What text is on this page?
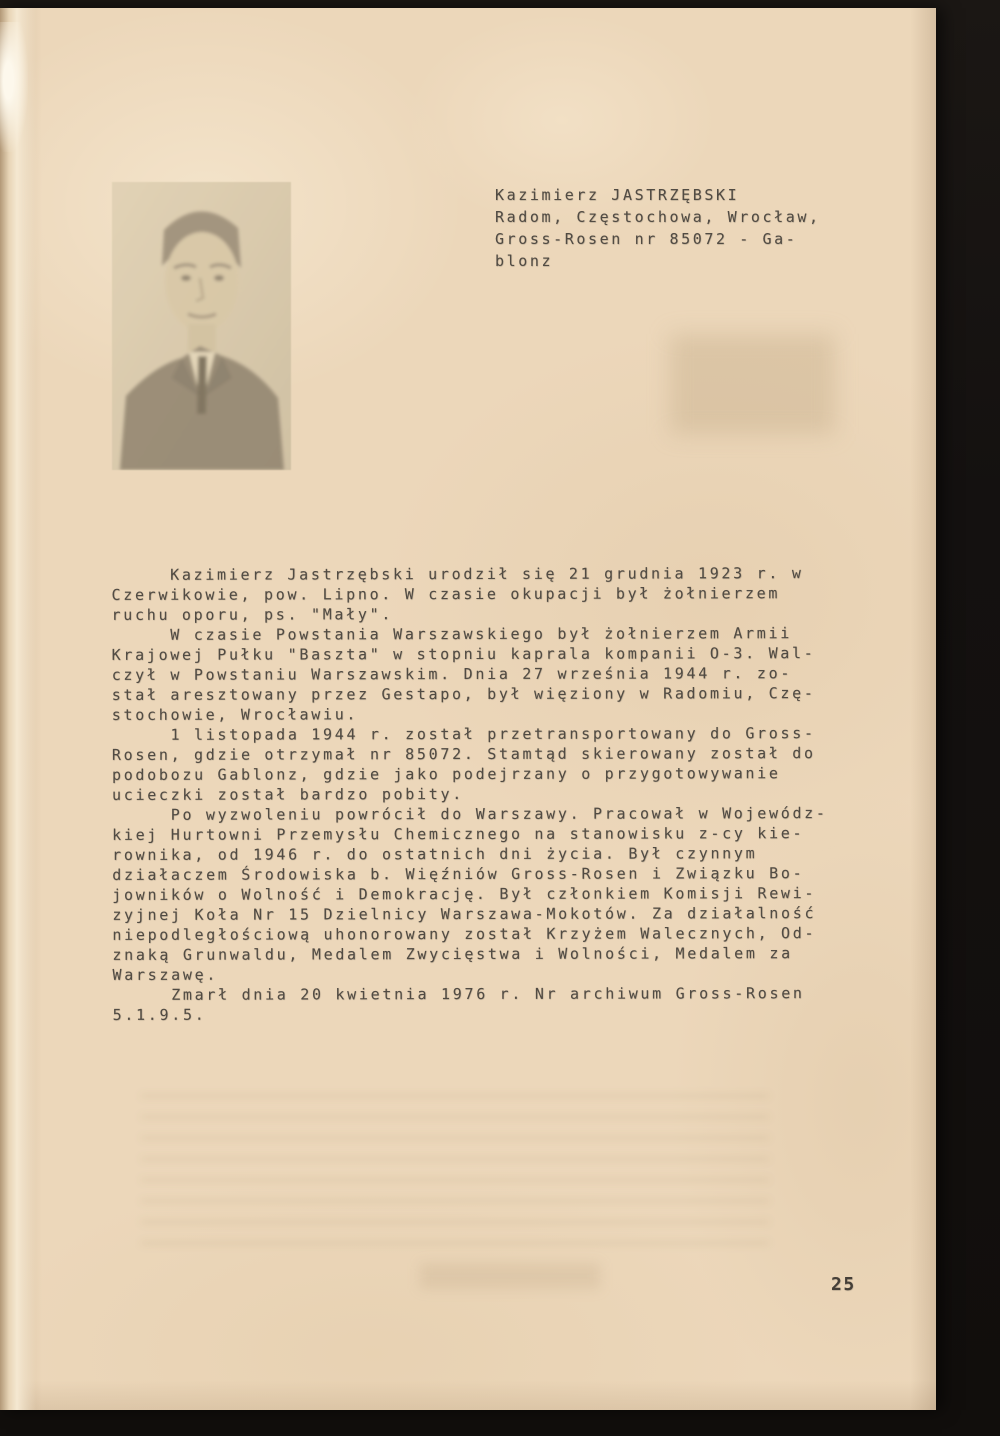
Kazimierz JASTRZĘBSKI
Radom, Częstochowa, Wrocław,
Gross-Rosen nr 85072 - Ga-
blonz
Kazimierz Jastrzębski urodził się 21 grudnia 1923 r. w
Czerwikowie, pow. Lipno. W czasie okupacji był żołnierzem
ruchu oporu, ps. "Mały".
W czasie Powstania Warszawskiego był żołnierzem Armii
Krajowej Pułku "Baszta" w stopniu kaprala kompanii O-3. Wal-
czył w Powstaniu Warszawskim. Dnia 27 września 1944 r. zo-
stał aresztowany przez Gestapo, był więziony w Radomiu, Czę-
stochowie, Wrocławiu.
1 listopada 1944 r. został przetransportowany do Gross-
Rosen, gdzie otrzymał nr 85072. Stamtąd skierowany został do
podobozu Gablonz, gdzie jako podejrzany o przygotowywanie
ucieczki został bardzo pobity.
Po wyzwoleniu powrócił do Warszawy. Pracował w Wojewódz-
kiej Hurtowni Przemysłu Chemicznego na stanowisku z-cy kie-
rownika, od 1946 r. do ostatnich dni życia. Był czynnym
działaczem Środowiska b. Więźniów Gross-Rosen i Związku Bo-
jowników o Wolność i Demokrację. Był członkiem Komisji Rewi-
zyjnej Koła Nr 15 Dzielnicy Warszawa-Mokotów. Za działalność
niepodległościową uhonorowany został Krzyżem Walecznych, Od-
znaką Grunwaldu, Medalem Zwycięstwa i Wolności, Medalem za
Warszawę.
Zmarł dnia 20 kwietnia 1976 r. Nr archiwum Gross-Rosen
5.1.9.5.
25
